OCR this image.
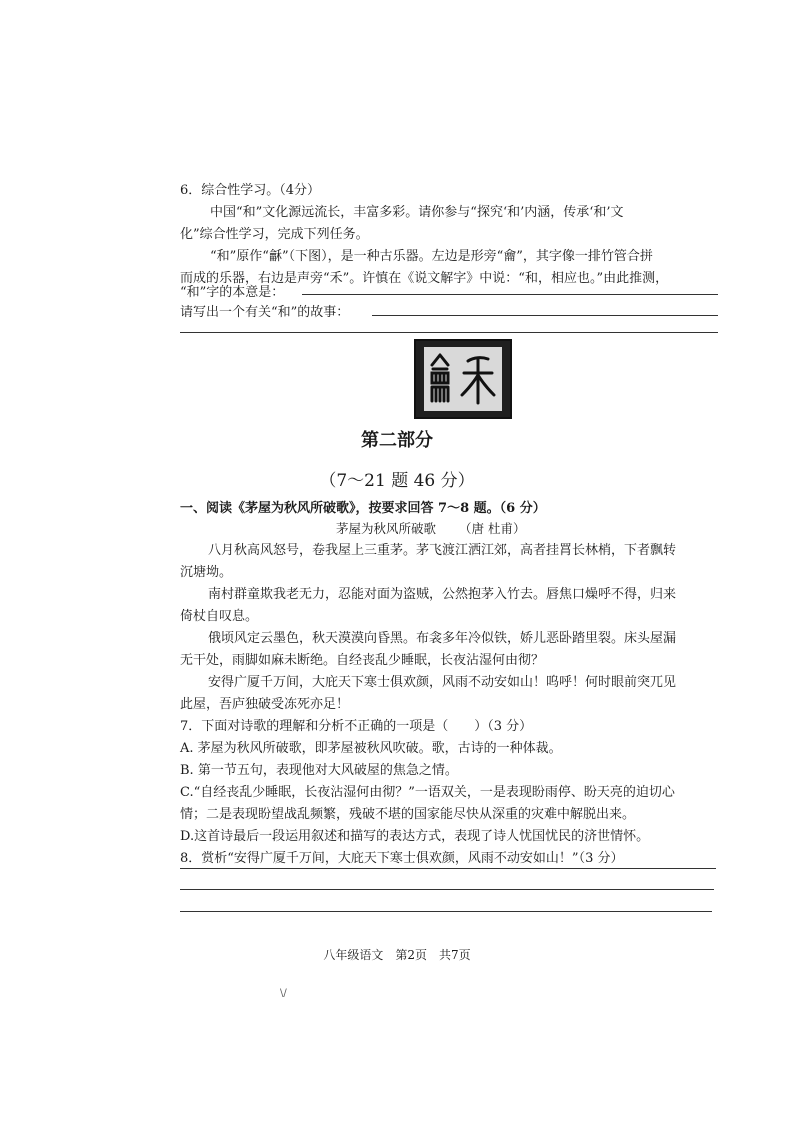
6．综合性学习。（4分）
中国“和”文化源远流长，丰富多彩。请你参与“探究‘和’内涵，传承‘和’文
化”综合性学习，完成下列任务。
“和”原作“龢”（下图），是一种古乐器。左边是形旁“龠”，其字像一排竹管合拼
而成的乐器，右边是声旁“禾”。许慎在《说文解字》中说：“和，相应也。”由此推测，
“和”字的本意是：
请写出一个有关“和”的故事：
第二部分
（7～21 题 46 分）
一、阅读《茅屋为秋风所破歌》，按要求回答 7～8 题。（6 分）
茅屋为秋风所破歌 （唐 杜甫）
八月秋高风怒号，卷我屋上三重茅。茅飞渡江洒江郊，高者挂罥长林梢，下者飘转
沉塘坳。
南村群童欺我老无力，忍能对面为盗贼，公然抱茅入竹去。唇焦口燥呼不得，归来
倚杖自叹息。
俄顷风定云墨色，秋天漠漠向昏黑。布衾多年冷似铁，娇儿恶卧踏里裂。床头屋漏
无干处，雨脚如麻未断绝。自经丧乱少睡眠，长夜沾湿何由彻？
安得广厦千万间，大庇天下寒士俱欢颜，风雨不动安如山！呜呼！何时眼前突兀见
此屋，吾庐独破受冻死亦足！
7．下面对诗歌的理解和分析不正确的一项是（　　）（3 分）
A. 茅屋为秋风所破歌，即茅屋被秋风吹破。歌，古诗的一种体裁。
B. 第一节五句，表现他对大风破屋的焦急之情。
C.“自经丧乱少睡眠，长夜沾湿何由彻？”一语双关，一是表现盼雨停、盼天亮的迫切心
情；二是表现盼望战乱频繁，残破不堪的国家能尽快从深重的灾难中解脱出来。
D.这首诗最后一段运用叙述和描写的表达方式，表现了诗人忧国忧民的济世情怀。
8．赏析“安得广厦千万间，大庇天下寒士俱欢颜，风雨不动安如山！”（3 分）
八年级语文　第2页　共7页
\/
